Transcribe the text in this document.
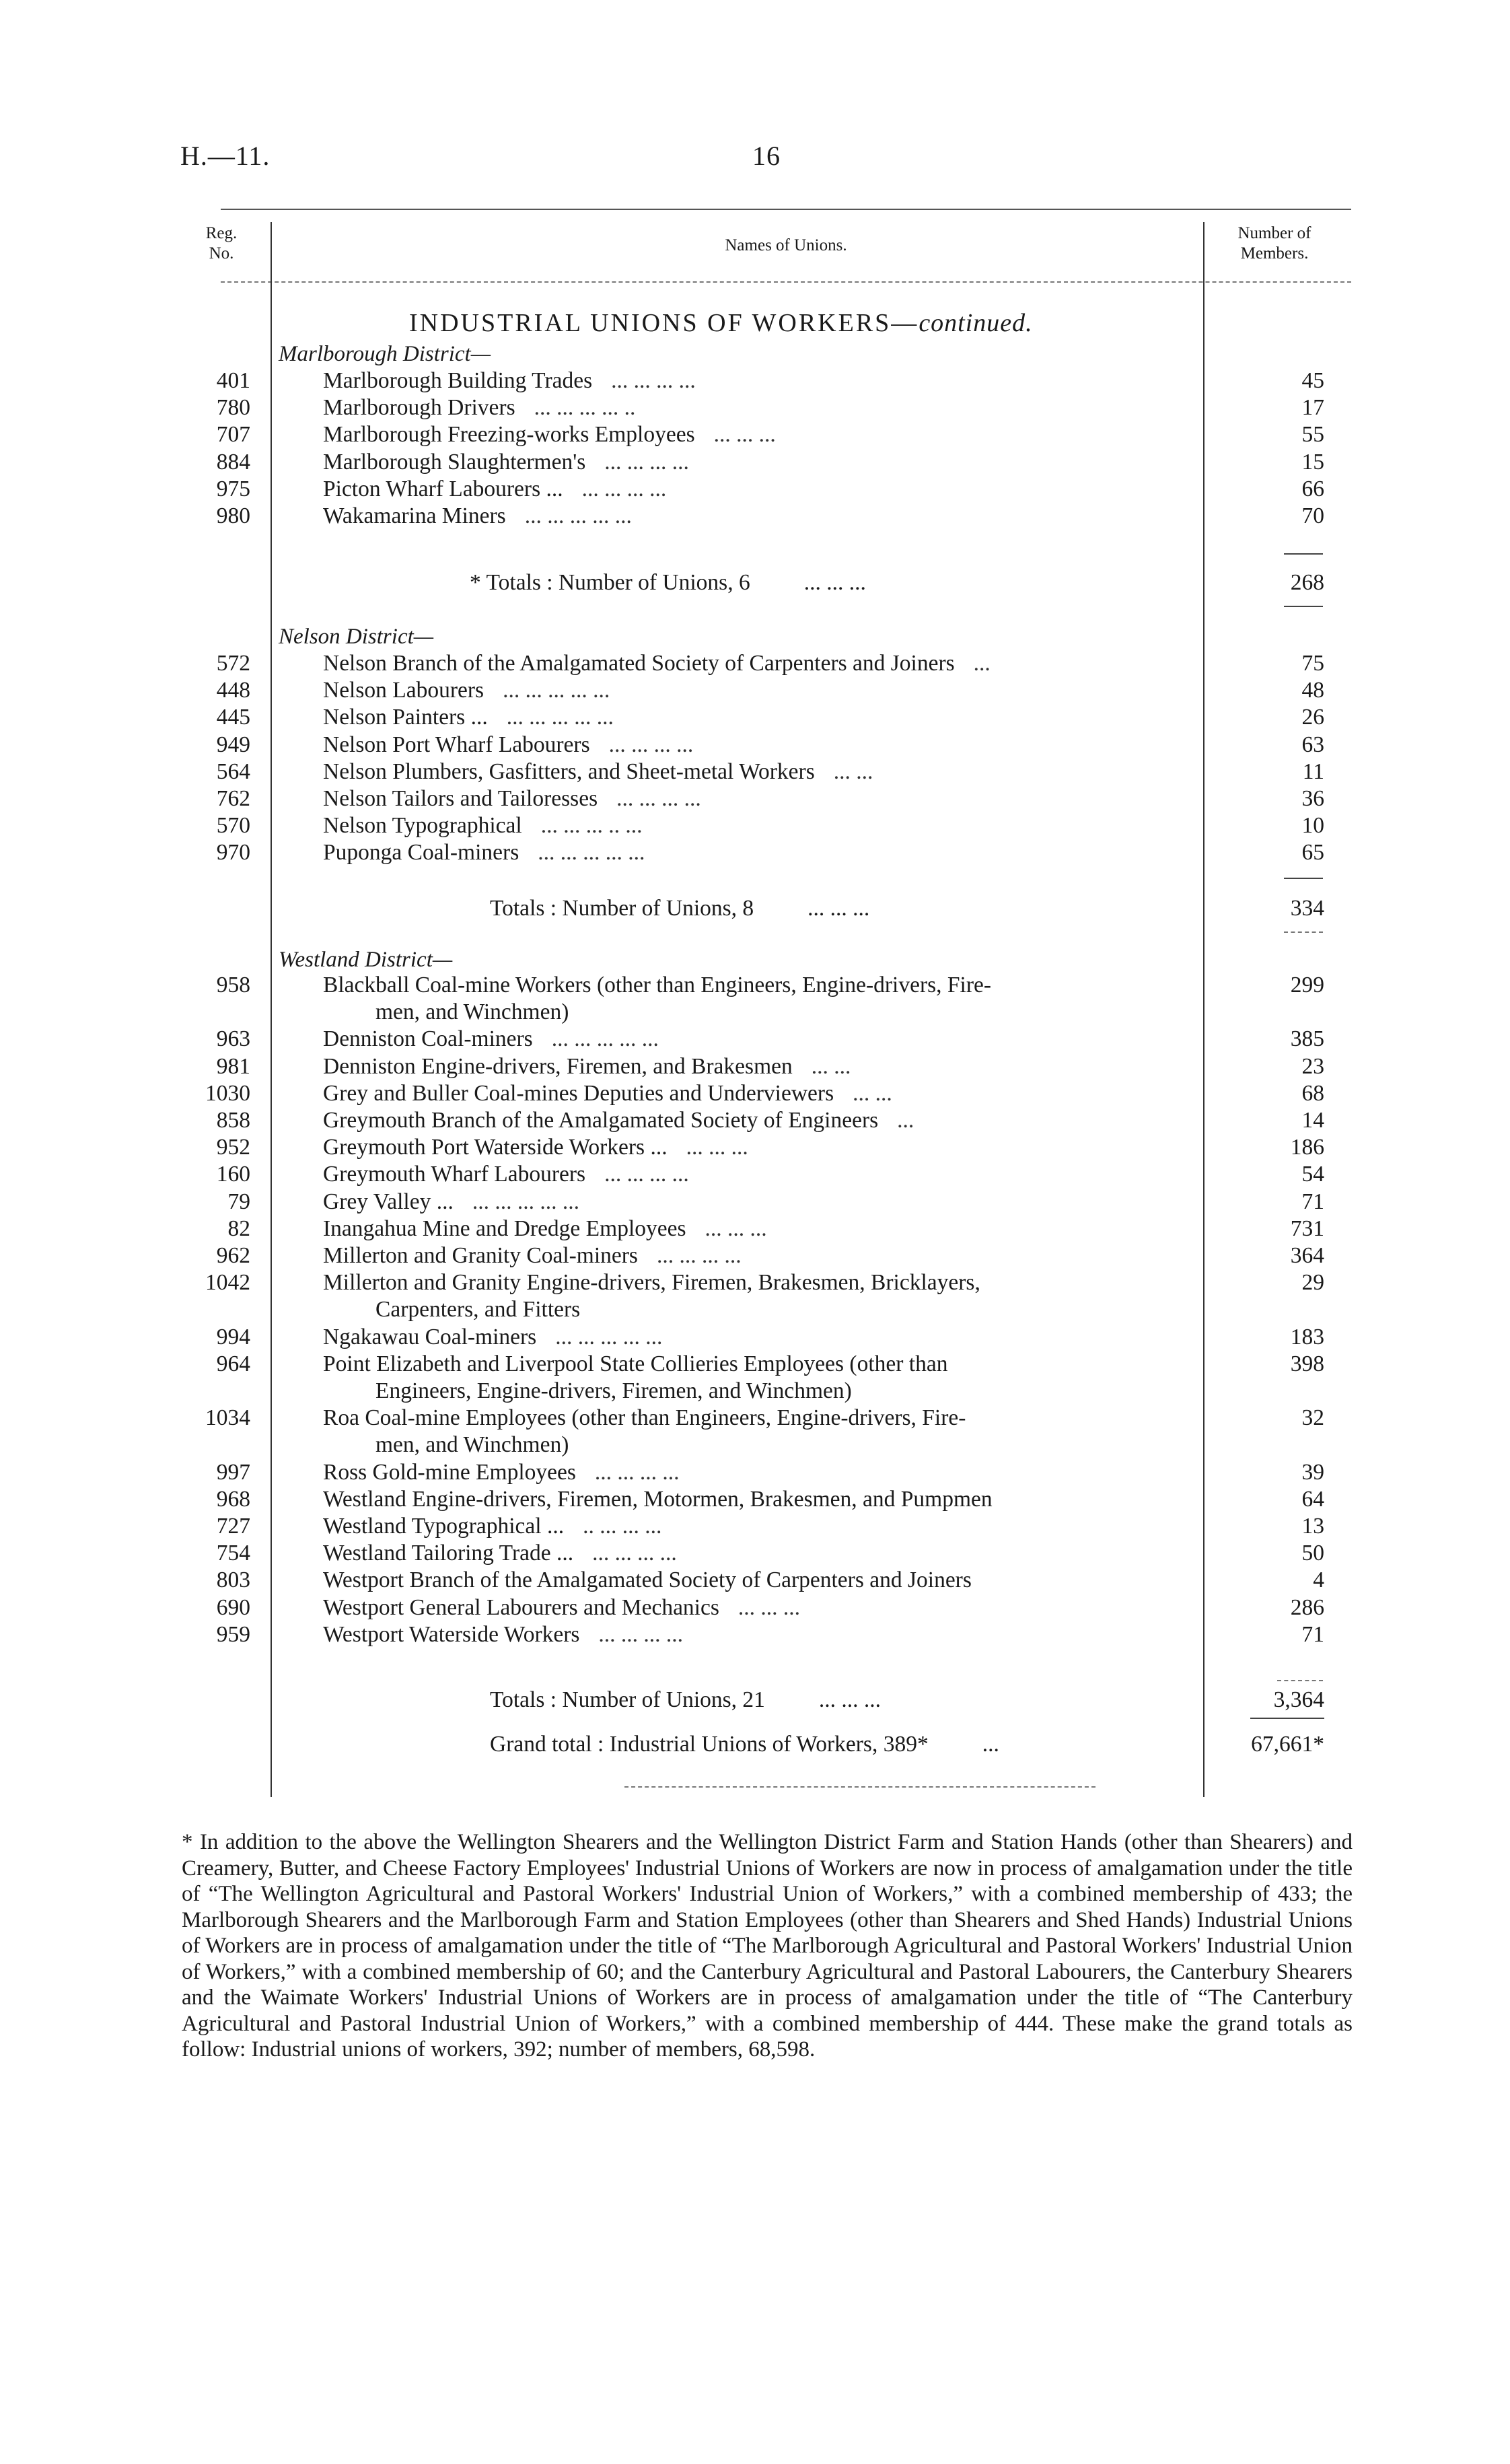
H.—11.	16
Reg.
No.	Names of Unions.
Number of
Members.
INDUSTRIAL UNIONS OF WORKERS—continued.
Marlborough District—
401	Marlborough Building Trades ... ... ... ...	45
780	Marlborough Drivers ... ... ... ... ..	17
707	Marlborough Freezing-works Employees ... ... ...	55
884	Marlborough Slaughtermen's ... ... ... ...	15
975	Picton Wharf Labourers ... ... ... ... ...	66
980	Wakamarina Miners ... ... ... ... ...	70
* Totals : Number of Unions, 6 ... ... ...	268
Nelson District—
572	Nelson Branch of the Amalgamated Society of Carpenters and Joiners ...	75
448	Nelson Labourers ... ... ... ... ...	48
445	Nelson Painters ... ... ... ... ... ...	26
949	Nelson Port Wharf Labourers ... ... ... ...	63
564	Nelson Plumbers, Gasfitters, and Sheet-metal Workers ... ...	11
762	Nelson Tailors and Tailoresses ... ... ... ...	36
570	Nelson Typographical ... ... ... .. ...	10
970	Puponga Coal-miners ... ... ... ... ...	65
Totals : Number of Unions, 8 ... ... ...	334
Westland District—
958	Blackball Coal-mine Workers (other than Engineers, Engine-drivers, Fire-	299
men, and Winchmen)
963	Denniston Coal-miners ... ... ... ... ...	385
981	Denniston Engine-drivers, Firemen, and Brakesmen ... ...	23
1030	Grey and Buller Coal-mines Deputies and Underviewers ... ...	68
858	Greymouth Branch of the Amalgamated Society of Engineers ...	14
952	Greymouth Port Waterside Workers ... ... ... ...	186
160	Greymouth Wharf Labourers ... ... ... ...	54
79	Grey Valley ... ... ... ... ... ...	71
82	Inangahua Mine and Dredge Employees ... ... ...	731
962	Millerton and Granity Coal-miners ... ... ... ...	364
1042	Millerton and Granity Engine-drivers, Firemen, Brakesmen, Bricklayers,	29
Carpenters, and Fitters
994	Ngakawau Coal-miners ... ... ... ... ...	183
964	Point Elizabeth and Liverpool State Collieries Employees (other than	398
Engineers, Engine-drivers, Firemen, and Winchmen)
1034	Roa Coal-mine Employees (other than Engineers, Engine-drivers, Fire-	32
men, and Winchmen)
997	Ross Gold-mine Employees ... ... ... ...	39
968	Westland Engine-drivers, Firemen, Motormen, Brakesmen, and Pumpmen	64
727	Westland Typographical ... .. ... ... ...	13
754	Westland Tailoring Trade ... ... ... ... ...	50
803	Westport Branch of the Amalgamated Society of Carpenters and Joiners	4
690	Westport General Labourers and Mechanics ... ... ...	286
959	Westport Waterside Workers ... ... ... ...	71
Totals : Number of Unions, 21 ... ... ...	3,364
Grand total : Industrial Unions of Workers, 389* ...	67,661*
* In addition to the above the Wellington Shearers and the Wellington District Farm and Station Hands (other than Shearers) and Creamery, Butter, and Cheese Factory Employees' Industrial Unions of Workers are now in process of amalgamation under the title of “The Wellington Agricultural and Pastoral Workers' Industrial Union of Workers,” with a combined membership of 433; the Marlborough Shearers and the Marlborough Farm and Station Employees (other than Shearers and Shed Hands) Industrial Unions of Workers are in process of amalgamation under the title of “The Marlborough Agricultural and Pastoral Workers' Industrial Union of Workers,” with a combined membership of 60; and the Canterbury Agricultural and Pastoral Labourers, the Canterbury Shearers and the Waimate Workers' Industrial Unions of Workers are in process of amalgamation under the title of “The Canterbury Agricultural and Pastoral Industrial Union of Workers,” with a combined membership of 444. These make the grand totals as follow: Industrial unions of workers, 392; number of members, 68,598.
